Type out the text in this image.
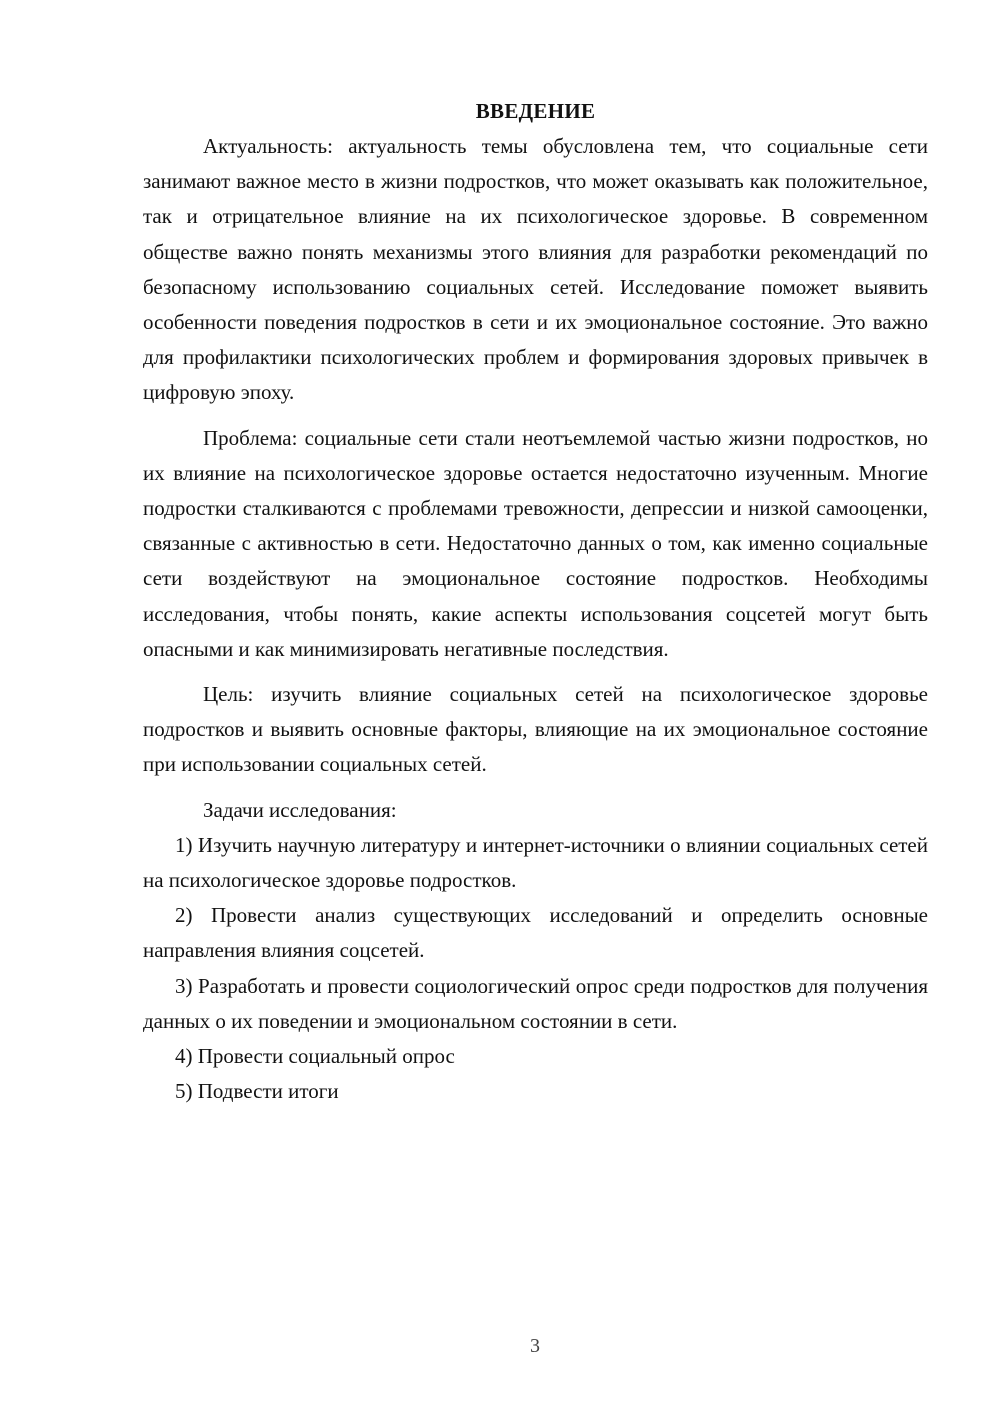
ВВЕДЕНИЕ

Актуальность: актуальность темы обусловлена тем, что социальные сети занимают важное место в жизни подростков, что может оказывать как положительное, так и отрицательное влияние на их психологическое здоровье. В современном обществе важно понять механизмы этого влияния для разработки рекомендаций по безопасному использованию социальных сетей. Исследование поможет выявить особенности поведения подростков в сети и их эмоциональное состояние. Это важно для профилактики психологических проблем и формирования здоровых привычек в цифровую эпоху.

Проблема: социальные сети стали неотъемлемой частью жизни подростков, но их влияние на психологическое здоровье остается недостаточно изученным. Многие подростки сталкиваются с проблемами тревожности, депрессии и низкой самооценки, связанные с активностью в сети. Недостаточно данных о том, как именно социальные сети воздействуют на эмоциональное состояние подростков. Необходимы исследования, чтобы понять, какие аспекты использования соцсетей могут быть опасными и как минимизировать негативные последствия.

Цель: изучить влияние социальных сетей на психологическое здоровье подростков и выявить основные факторы, влияющие на их эмоциональное состояние при использовании социальных сетей.

Задачи исследования:

1) Изучить научную литературу и интернет-источники о влиянии социальных сетей на психологическое здоровье подростков.

2) Провести анализ существующих исследований и определить основные направления влияния соцсетей.

3) Разработать и провести социологический опрос среди подростков для получения данных о их поведении и эмоциональном состоянии в сети.

4) Провести социальный опрос

5) Подвести итоги

3
